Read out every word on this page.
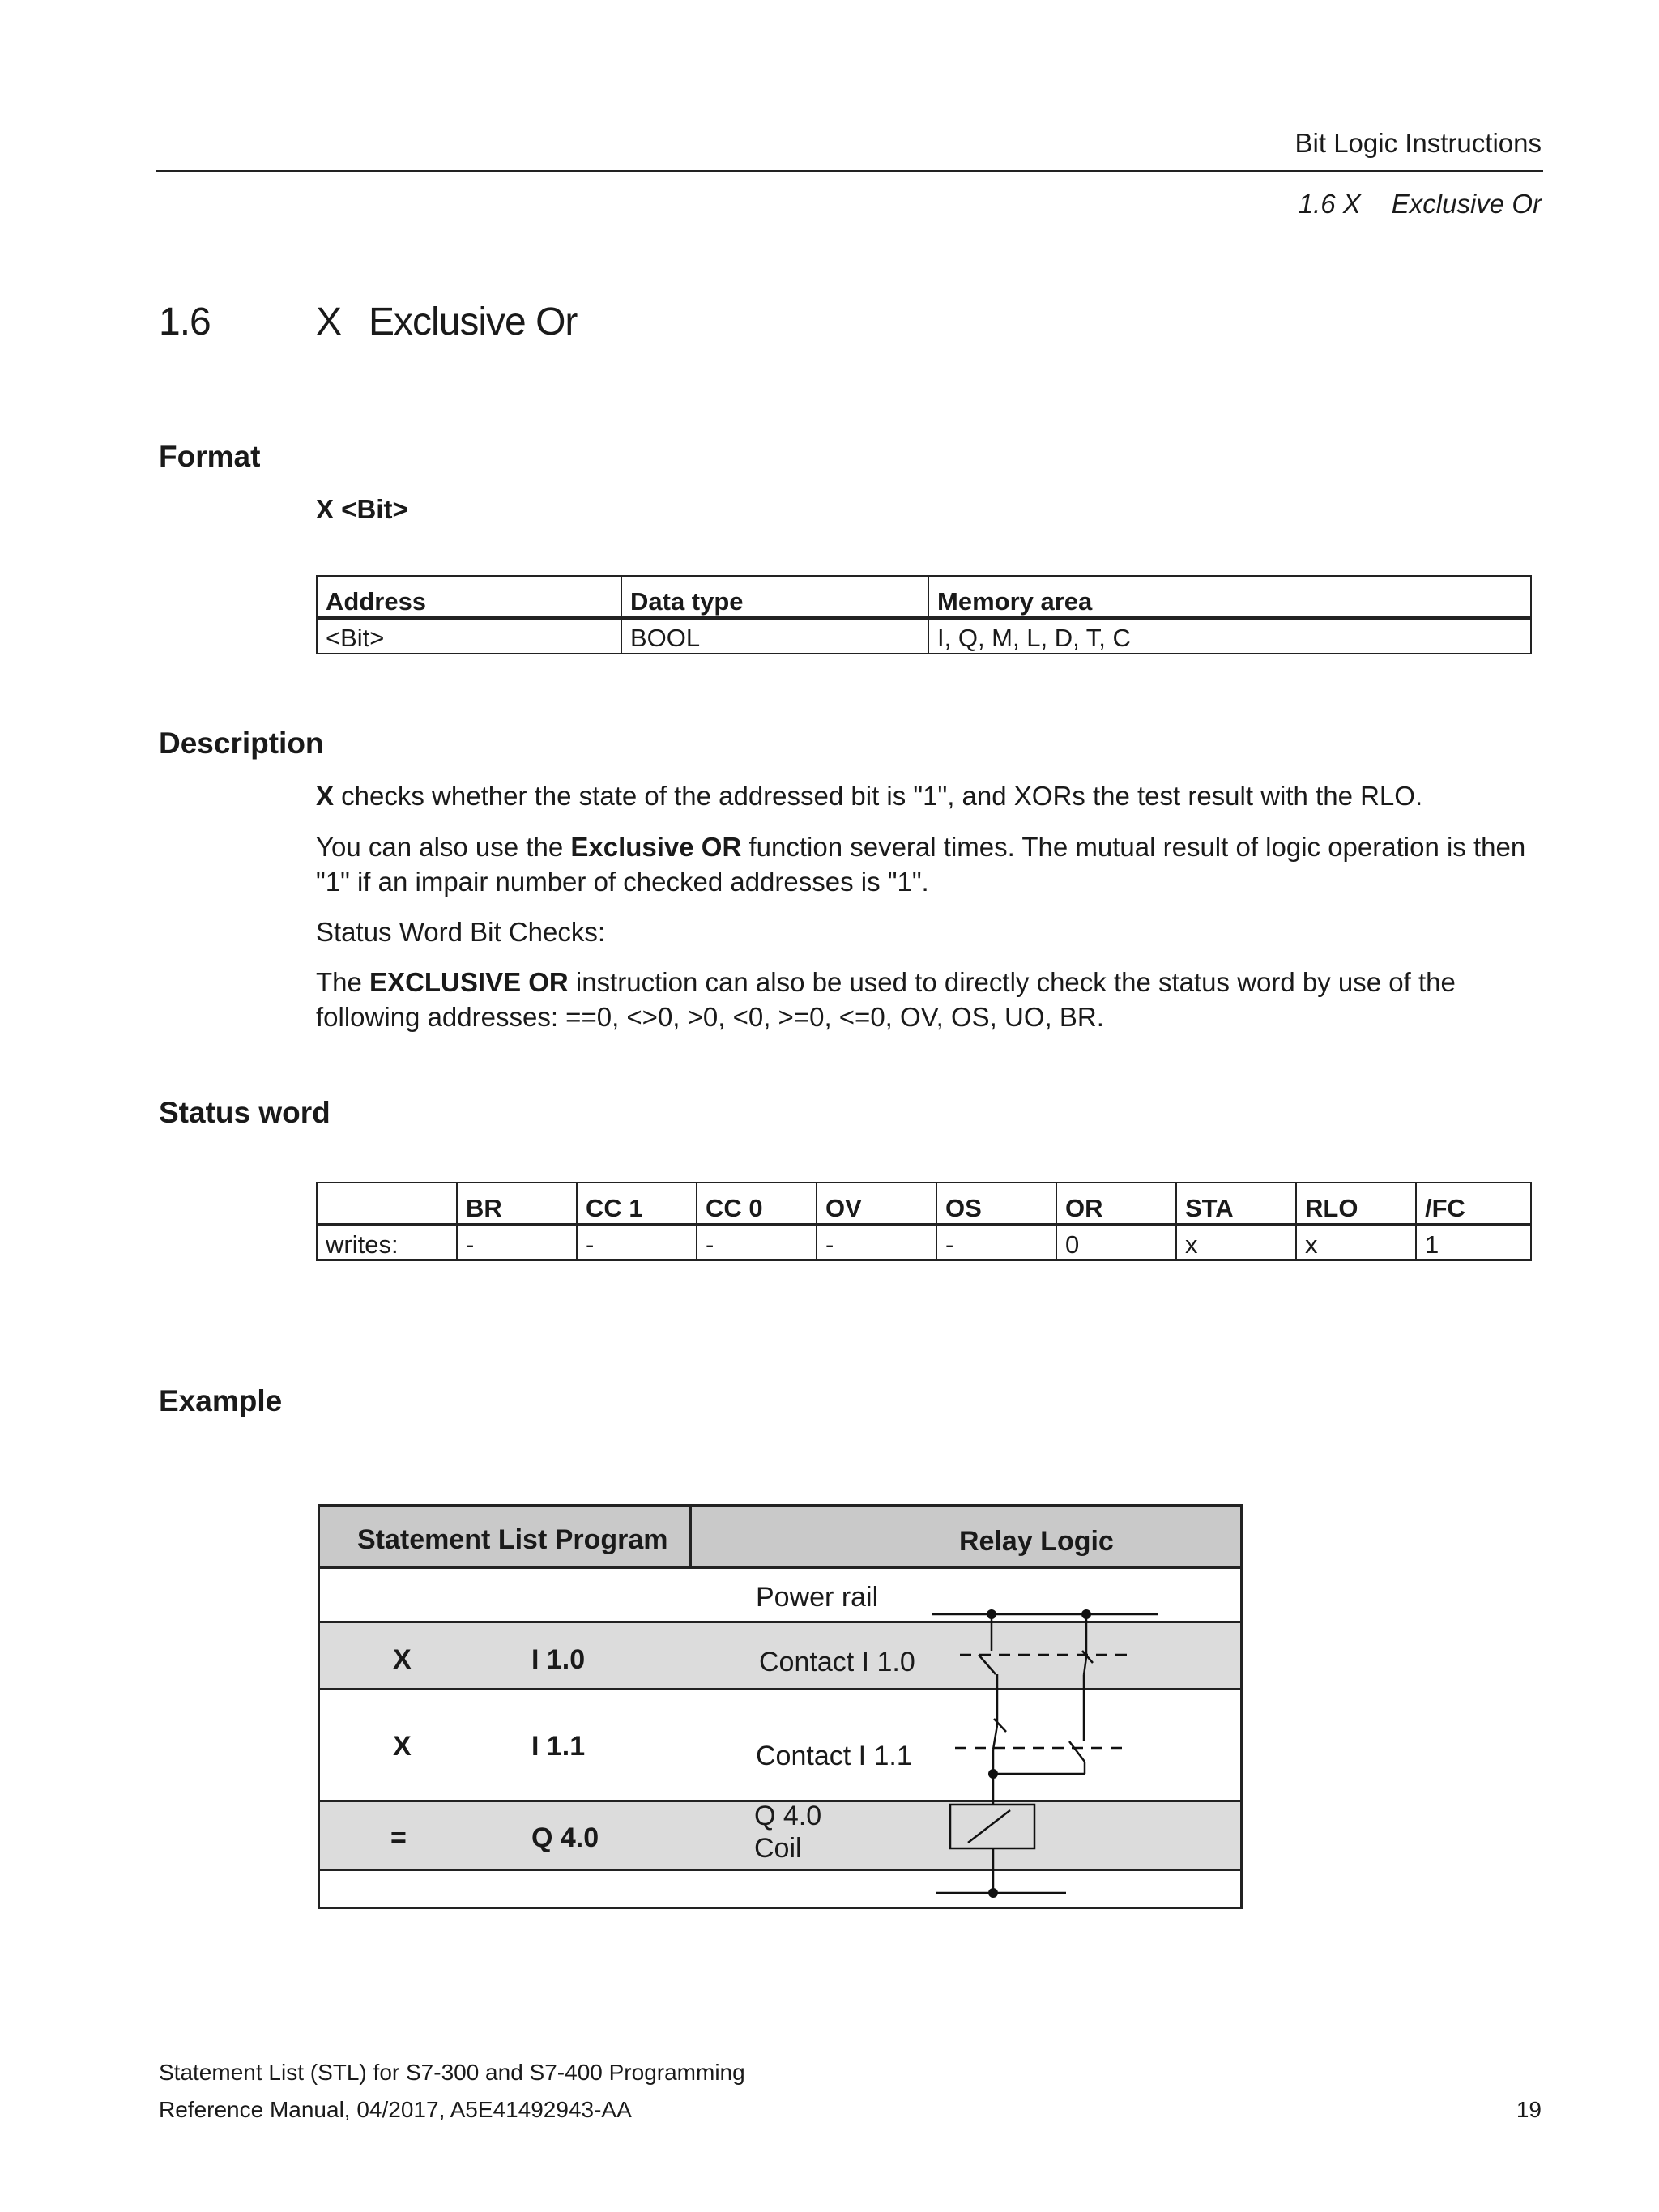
Bit Logic Instructions
1.6 X Exclusive Or
1.6	X Exclusive Or
Format
X <Bit>
Address	Data type	Memory area
<Bit>	BOOL	I, Q, M, L, D, T, C
Description
X checks whether the state of the addressed bit is "1", and XORs the test result with the RLO.
You can also use the Exclusive OR function several times. The mutual result of logic operation is then "1" if an impair number of checked addresses is "1".
Status Word Bit Checks:
The EXCLUSIVE OR instruction can also be used to directly check the status word by use of the following addresses: ==0, <>0, >0, <0, >=0, <=0, OV, OS, UO, BR.
Status word
	BR	CC 1	CC 0	OV	OS	OR	STA	RLO	/FC
writes:	-	-	-	-	-	0	x	x	1
Example
Statement List Program	Relay Logic
Power rail
X	I 1.0	Contact I 1.0
X	I 1.1	Contact I 1.1
=	Q 4.0
Q 4.0
Coil
Statement List (STL) for S7-300 and S7-400 Programming
Reference Manual, 04/2017, A5E41492943-AA	19
